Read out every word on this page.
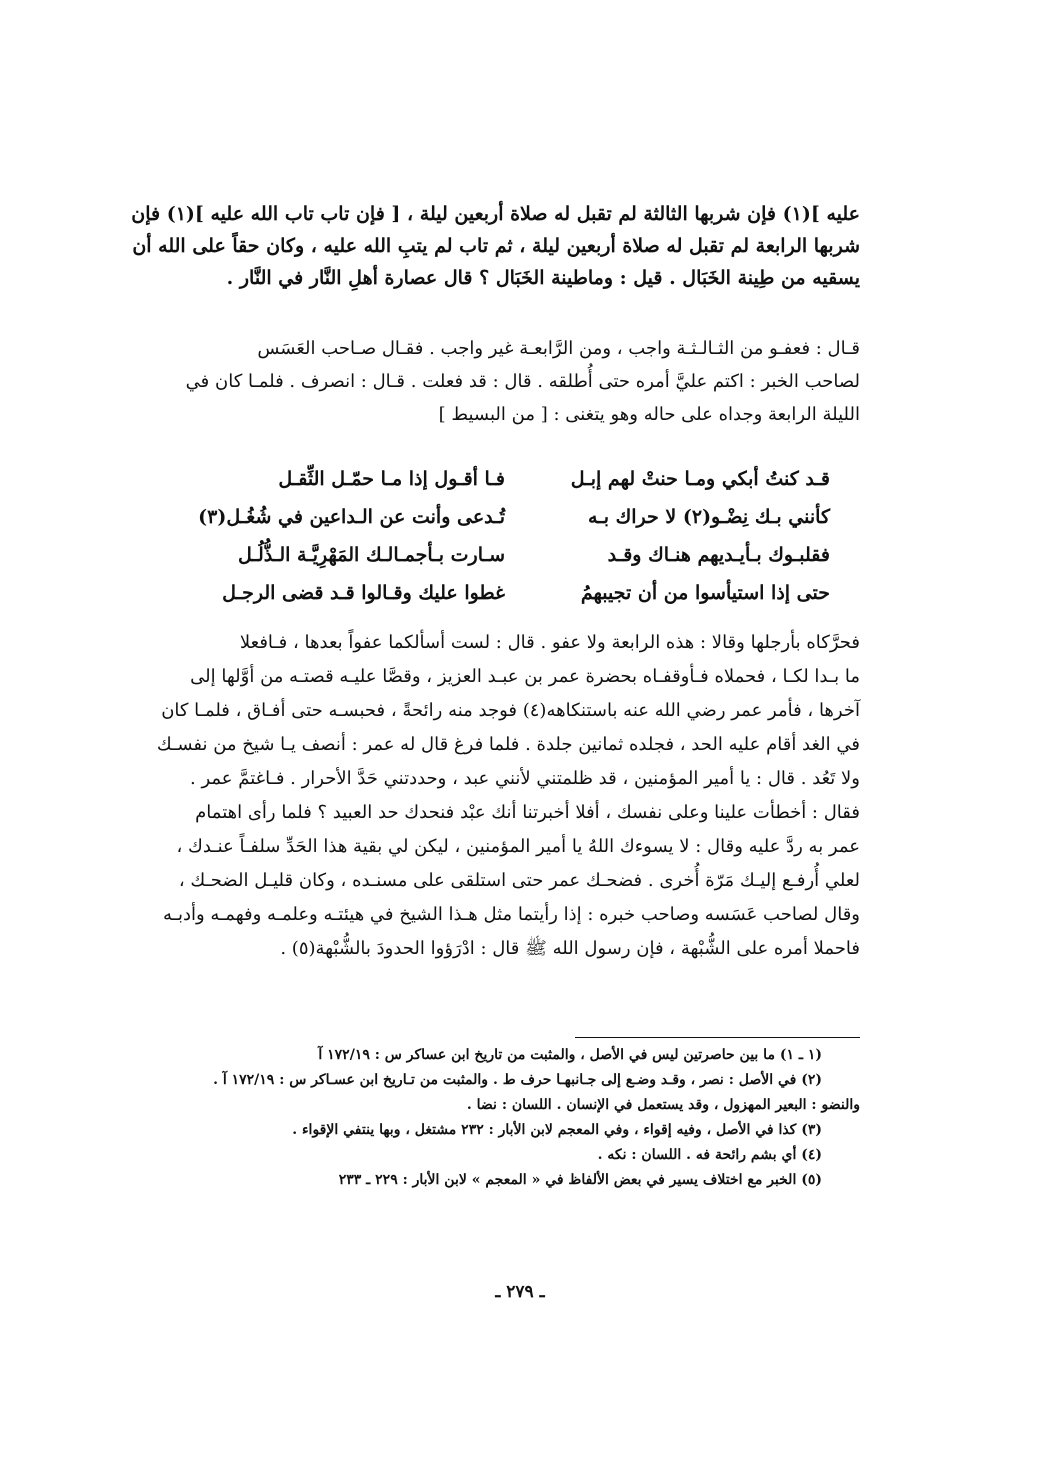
عليه ](١) فإن شربها الثالثة لم تقبل له صلاة أربعين ليلة ، [ فإن تاب تاب الله عليه ](١) فإن
شربها الرابعة لم تقبل له صلاة أربعين ليلة ، ثم تاب لم يتبِ الله عليه ، وكان حقاً على الله أن
يسقيه من طِينة الخَبَال . قيل : وماطينة الخَبَال ؟ قال عصارة أهلِ النَّار في النَّار .
قـال : فعفـو من الثـالـثـة واجب ، ومن الرَّابعـة غير واجب . فقـال صـاحب العَسَس
لصاحب الخبر : اكتم عليَّ أمره حتى أُطلقه . قال : قد فعلت . قـال : انصرف . فلمـا كان في
الليلة الرابعة وجداه على حاله وهو يتغنى : [ من البسيط ]
قـد كنتُ أبكي ومـا حنتْ لهم إبـل
فـا أقـول إذا مـا حمّـل الثِّقـل
كأنني بـك نِضْـو(٢) لا حراك بـه
تُـدعى وأنت عن الـداعين في شُغُـل(٣)
فقلبـوك بـأيـديهم هنـاك وقـد
سـارت بـأجمـالـك المَهْرِيَّـة الـذُّلُـل
حتى إذا استيأسوا من أن تجيبهمُ
غطوا عليك وقـالوا قـد قضى الرجـل
فحرَّكاه بأرجلها وقالا : هذه الرابعة ولا عفو . قال : لست أسألكما عفواً بعدها ، فـافعلا
ما بـدا لكـا ، فحملاه فـأوقفـاه بحضرة عمر بن عبـد العزيز ، وقصَّا عليـه قصتـه من أوَّلها إلى
آخرها ، فأمر عمر رضي الله عنه باستنكاهه(٤) فوجد منه رائحةً ، فحبسـه حتى أفـاق ، فلمـا كان
في الغد أقام عليه الحد ، فجلده ثمانين جلدة . فلما فرغ قال له عمر : أنصف يـا شيخ من نفسـك
ولا تَعُد . قال : يا أمير المؤمنين ، قد ظلمتني لأنني عبد ، وحددتني حَدَّ الأحرار . فـاغتمَّ عمر .
فقال : أخطأت علينا وعلى نفسك ، أفلا أخبرتنا أنك عبْد فنحدك حد العبيد ؟ فلما رأى اهتمام
عمر به ردَّ عليه وقال : لا يسوءك اللهُ يا أمير المؤمنين ، ليكن لي بقية هذا الحَدِّ سلفـاً عنـدك ،
لعلي أُرفـع إليـك مَرّة أُخرى . فضحـك عمر حتى استلقى على مسنـده ، وكان قليـل الضحـك ،
وقال لصاحب عَسَسه وصاحب خبره : إذا رأيتما مثل هـذا الشيخ في هيئتـه وعلمـه وفهمـه وأدبـه
فاحملا أمره على الشُّبْهة ، فإن رسول الله ﷺ قال : ادْرَؤوا الحدودَ بالشُّبْهة(٥) .
(١ ـ ١) ما بين حاصرتين ليس في الأصل ، والمثبت من تاريخ ابن عساكر س : ١٧٢/١٩ آ
(٢) في الأصل : نصر ، وقـد وضـع إلى جـانبهـا حرف ط . والمثبت من تـاريخ ابن عسـاكر س : ١٧٢/١٩ آ .
والنضو : البعير المهزول ، وقد يستعمل في الإنسان . اللسان : نضا .
(٣) كذا في الأصل ، وفيه إقواء ، وفي المعجم لابن الأبار : ٢٣٢ مشتغل ، وبها ينتفي الإقواء .
(٤) أي بشم رائحة فه . اللسان : نكه .
(٥) الخبر مع اختلاف يسير في بعض الألفاظ في « المعجم » لابن الأبار : ٢٢٩ ـ ٢٣٣
ـ ٢٧٩ ـ
